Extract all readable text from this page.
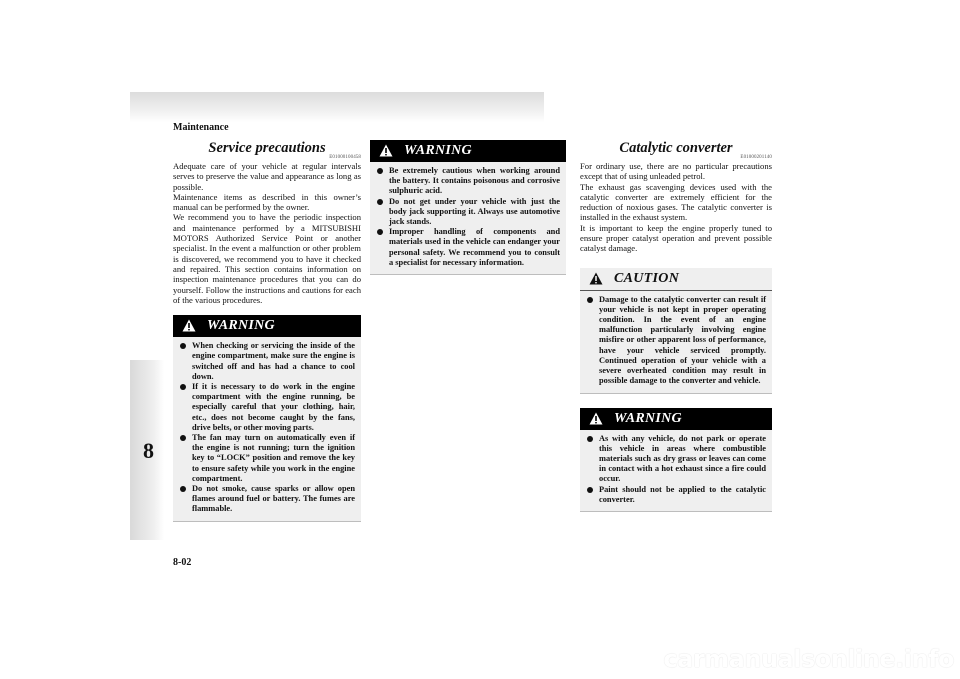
Maintenance
8
8-02
Service precautions
E01000100458

Adequate care of your vehicle at regular intervals serves to preserve the value and appearance as long as possible.

Maintenance items as described in this owner’s manual can be performed by the owner.

We recommend you to have the periodic inspection and maintenance performed by a MITSUBISHI MOTORS Authorized Service Point or another specialist. In the event a malfunction or other problem is discovered, we recommend you to have it checked and repaired. This section contains information on inspection maintenance procedures that you can do yourself. Follow the instructions and cautions for each of the various procedures.

WARNING
When checking or servicing the inside of the engine compartment, make sure the engine is switched off and has had a chance to cool down.
If it is necessary to do work in the engine compartment with the engine running, be especially careful that your clothing, hair, etc., does not become caught by the fans, drive belts, or other moving parts.
The fan may turn on automatically even if the engine is not running; turn the ignition key to “LOCK” position and remove the key to ensure safety while you work in the engine compartment.
Do not smoke, cause sparks or allow open flames around fuel or battery. The fumes are flammable.
WARNING
Be extremely cautious when working around the battery. It contains poisonous and corrosive sulphuric acid.
Do not get under your vehicle with just the body jack supporting it. Always use automotive jack stands.
Improper handling of components and materials used in the vehicle can endanger your personal safety. We recommend you to consult a specialist for necessary information.
Catalytic converter
E01000201140

For ordinary use, there are no particular precautions except that of using unleaded petrol.

The exhaust gas scavenging devices used with the catalytic converter are extremely efficient for the reduction of noxious gases. The catalytic converter is installed in the exhaust system.

It is important to keep the engine properly tuned to ensure proper catalyst operation and prevent possible catalyst damage.

CAUTION
Damage to the catalytic converter can result if your vehicle is not kept in proper operating condition. In the event of an engine malfunction particularly involving engine misfire or other apparent loss of performance, have your vehicle serviced promptly. Continued operation of your vehicle with a severe overheated condition may result in possible damage to the converter and vehicle.
WARNING
As with any vehicle, do not park or operate this vehicle in areas where combustible materials such as dry grass or leaves can come in contact with a hot exhaust since a fire could occur.
Paint should not be applied to the catalytic converter.
carmanualsonline.info
